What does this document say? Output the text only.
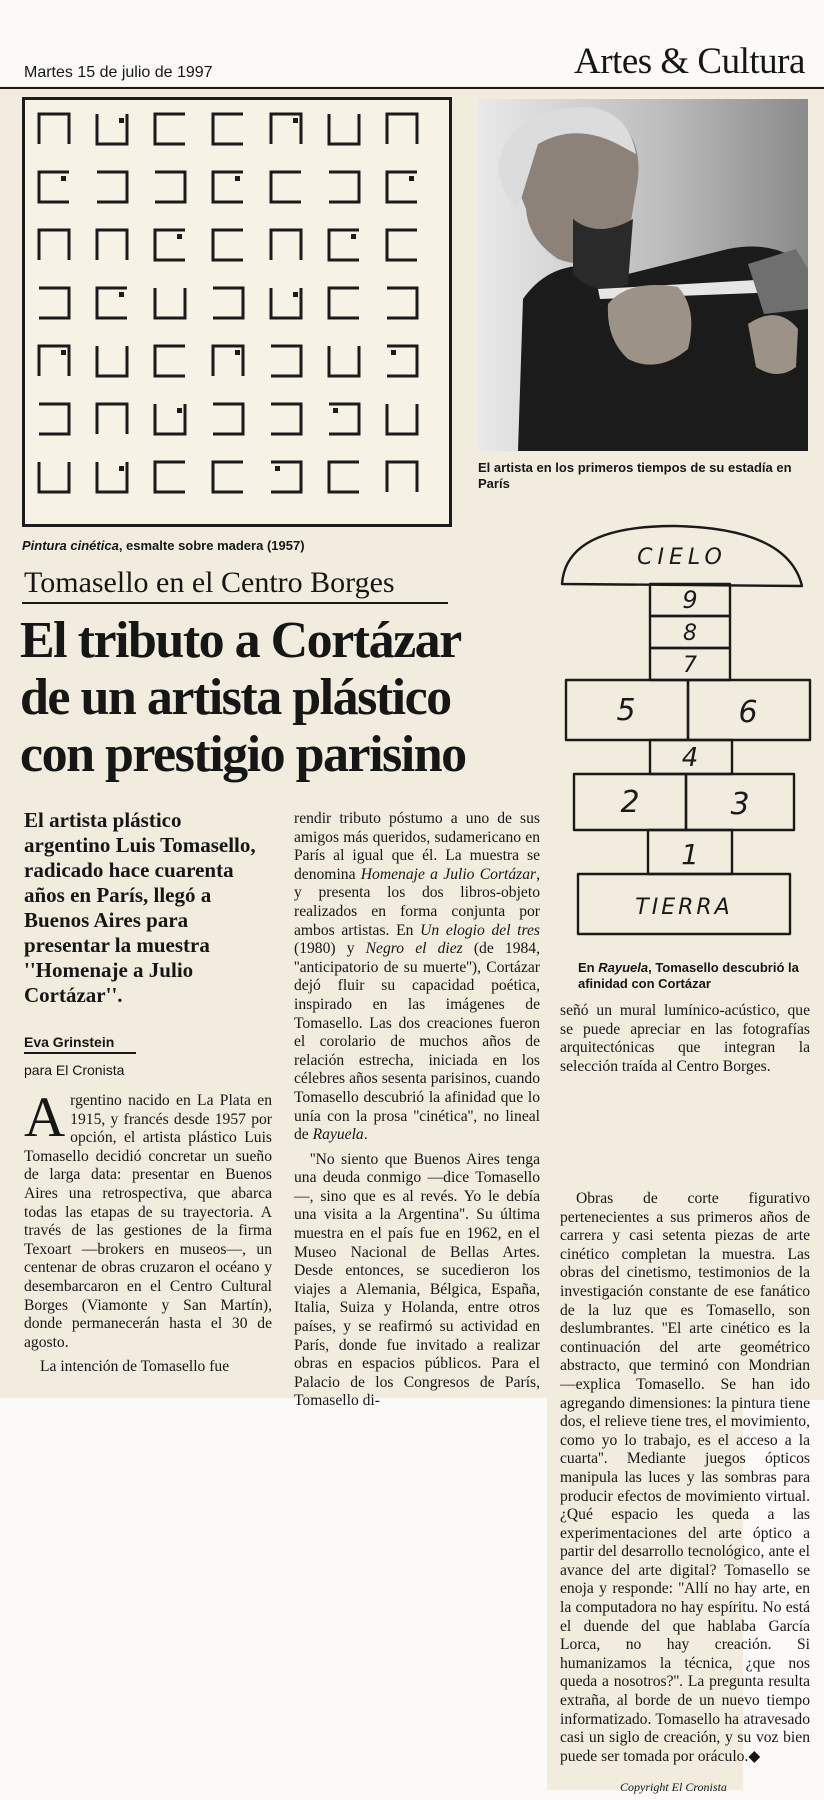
Martes 15 de julio de 1997	Artes & Cultura
Pintura cinética, esmalte sobre madera (1957)
El artista en los primeros tiempos de su estadía en París
Tomasello en el Centro Borges
El tributo a Cortázar
de un artista plástico
con prestigio parisino
CIELO
9
8
7
5	6
4
2	3
1
TIERRA
En Rayuela, Tomasello descubrió la afinidad con Cortázar
El artista plástico argentino Luis Tomasello, radicado hace cuarenta años en París, llegó a Buenos Aires para presentar la muestra ''Homenaje a Julio Cortázar''.
Eva Grinstein
para El Cronista

Argentino nacido en La Plata en 1915, y francés desde 1957 por opción, el artista plástico Luis Tomasello decidió concretar un sueño de larga data: presentar en Buenos Aires una retrospectiva, que abarca todas las etapas de su trayectoria. A través de las gestiones de la firma Texoart —brokers en museos—, un centenar de obras cruzaron el océano y desembarcaron en el Centro Cultural Borges (Viamonte y San Martín), donde permanecerán hasta el 30 de agosto.

La intención de Tomasello fue

rendir tributo póstumo a uno de sus amigos más queridos, sudamericano en París al igual que él. La muestra se denomina Homenaje a Julio Cortázar, y presenta los dos libros-objeto realizados en forma conjunta por ambos artistas. En Un elogio del tres (1980) y Negro el diez (de 1984, ''anticipatorio de su muerte''), Cortázar dejó fluir su capacidad poética, inspirado en las imágenes de Tomasello. Las dos creaciones fueron el corolario de muchos años de relación estrecha, iniciada en los célebres años sesenta parisinos, cuando Tomasello descubrió la afinidad que lo unía con la prosa ''cinética'', no lineal de Rayuela.

''No siento que Buenos Aires tenga una deuda conmigo —dice Tomasello—, sino que es al revés. Yo le debía una visita a la Argentina''. Su última muestra en el país fue en 1962, en el Museo Nacional de Bellas Artes. Desde entonces, se sucedieron los viajes a Alemania, Bélgica, España, Italia, Suiza y Holanda, entre otros países, y se reafirmó su actividad en París, donde fue invitado a realizar obras en espacios públicos. Para el Palacio de los Congresos de París, Tomasello di-

señó un mural lumínico-acústico, que se puede apreciar en las fotografías arquitectónicas que integran la selección traída al Centro Borges.

Obras de corte figurativo pertenecientes a sus primeros años de carrera y casi setenta piezas de arte cinético completan la muestra. Las obras del cinetismo, testimonios de la investigación constante de ese fanático de la luz que es Tomasello, son deslumbrantes. ''El arte cinético es la continuación del arte geométrico abstracto, que terminó con Mondrian —explica Tomasello. Se han ido agregando dimensiones: la pintura tiene dos, el relieve tiene tres, el movimiento, como yo lo trabajo, es el acceso a la cuarta''. Mediante juegos ópticos manipula las luces y las sombras para producir efectos de movimiento virtual. ¿Qué espacio les queda a las experimentaciones del arte óptico a partir del desarrollo tecnológico, ante el avance del arte digital? Tomasello se enoja y responde: ''Allí no hay arte, en la computadora no hay espíritu. No está el duende del que hablaba García Lorca, no hay creación. Si humanizamos la técnica, ¿que nos queda a nosotros?''. La pregunta resulta extraña, al borde de un nuevo tiempo informatizado. Tomasello ha atravesado casi un siglo de creación, y su voz bien puede ser tomada por oráculo.◆

Copyright El Cronista
